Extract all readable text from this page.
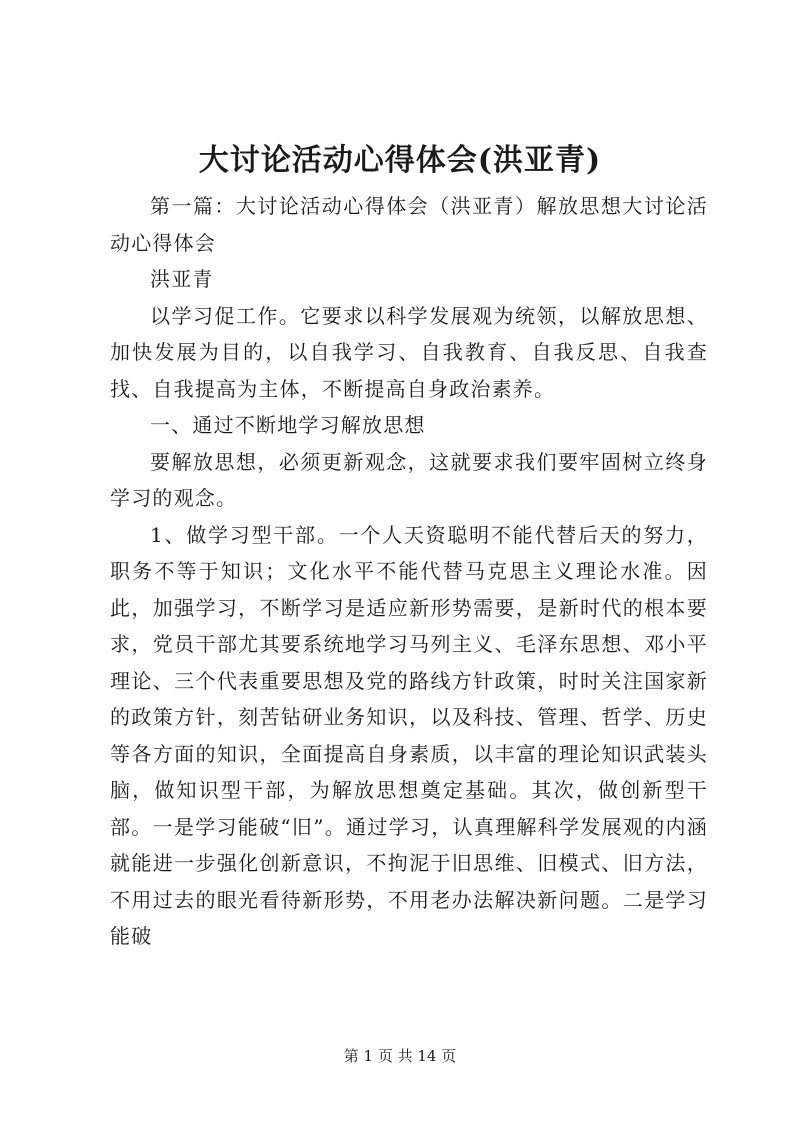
大讨论活动心得体会(洪亚青)

第一篇：大讨论活动心得体会（洪亚青）解放思想大讨论活动心得体会

洪亚青

以学习促工作。它要求以科学发展观为统领，以解放思想、加快发展为目的，以自我学习、自我教育、自我反思、自我查找、自我提高为主体，不断提高自身政治素养。

一、通过不断地学习解放思想

要解放思想，必须更新观念，这就要求我们要牢固树立终身学习的观念。

1、做学习型干部。一个人天资聪明不能代替后天的努力，职务不等于知识；文化水平不能代替马克思主义理论水准。因此，加强学习，不断学习是适应新形势需要，是新时代的根本要求，党员干部尤其要系统地学习马列主义、毛泽东思想、邓小平理论、三个代表重要思想及党的路线方针政策，时时关注国家新的政策方针，刻苦钻研业务知识，以及科技、管理、哲学、历史等各方面的知识，全面提高自身素质，以丰富的理论知识武装头脑，做知识型干部，为解放思想奠定基础。其次，做创新型干部。一是学习能破“旧”。通过学习，认真理解科学发展观的内涵就能进一步强化创新意识，不拘泥于旧思维、旧模式、旧方法，不用过去的眼光看待新形势，不用老办法解决新问题。二是学习能破

第 1 页 共 14 页
